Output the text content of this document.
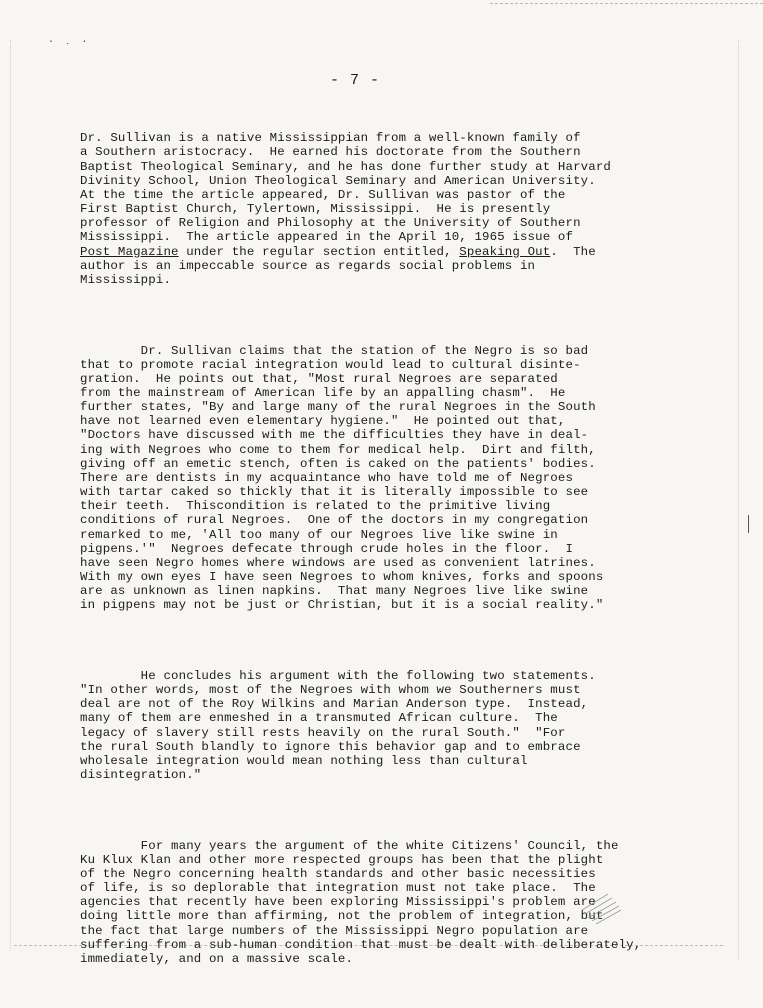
· ․ ·
- 7 -

Dr. Sullivan is a native Mississippian from a well-known family of
a Southern aristocracy.  He earned his doctorate from the Southern
Baptist Theological Seminary, and he has done further study at Harvard
Divinity School, Union Theological Seminary and American University.
At the time the article appeared, Dr. Sullivan was pastor of the
First Baptist Church, Tylertown, Mississippi.  He is presently
professor of Religion and Philosophy at the University of Southern
Mississippi.  The article appeared in the April 10, 1965 issue of
Post Magazine under the regular section entitled, Speaking Out.  The
author is an impeccable source as regards social problems in
Mississippi.

Dr. Sullivan claims that the station of the Negro is so bad
that to promote racial integration would lead to cultural disinte-
gration.  He points out that, "Most rural Negroes are separated
from the mainstream of American life by an appalling chasm".  He
further states, "By and large many of the rural Negroes in the South
have not learned even elementary hygiene."  He pointed out that,
"Doctors have discussed with me the difficulties they have in deal-
ing with Negroes who come to them for medical help.  Dirt and filth,
giving off an emetic stench, often is caked on the patients' bodies.
There are dentists in my acquaintance who have told me of Negroes
with tartar caked so thickly that it is literally impossible to see
their teeth.  Thiscondition is related to the primitive living
conditions of rural Negroes.  One of the doctors in my congregation
remarked to me, 'All too many of our Negroes live like swine in
pigpens.'"  Negroes defecate through crude holes in the floor.  I
have seen Negro homes where windows are used as convenient latrines.
With my own eyes I have seen Negroes to whom knives, forks and spoons
are as unknown as linen napkins.  That many Negroes live like swine
in pigpens may not be just or Christian, but it is a social reality."

He concludes his argument with the following two statements.
"In other words, most of the Negroes with whom we Southerners must
deal are not of the Roy Wilkins and Marian Anderson type.  Instead,
many of them are enmeshed in a transmuted African culture.  The
legacy of slavery still rests heavily on the rural South."  "For
the rural South blandly to ignore this behavior gap and to embrace
wholesale integration would mean nothing less than cultural
disintegration."

For many years the argument of the white Citizens' Council, the
Ku Klux Klan and other more respected groups has been that the plight
of the Negro concerning health standards and other basic necessities
of life, is so deplorable that integration must not take place.  The
agencies that recently have been exploring Mississippi's problem are
doing little more than affirming, not the problem of integration, but
the fact that large numbers of the Mississippi Negro population are
suffering from a sub-human condition that must be dealt with deliberately,
immediately, and on a massive scale.
